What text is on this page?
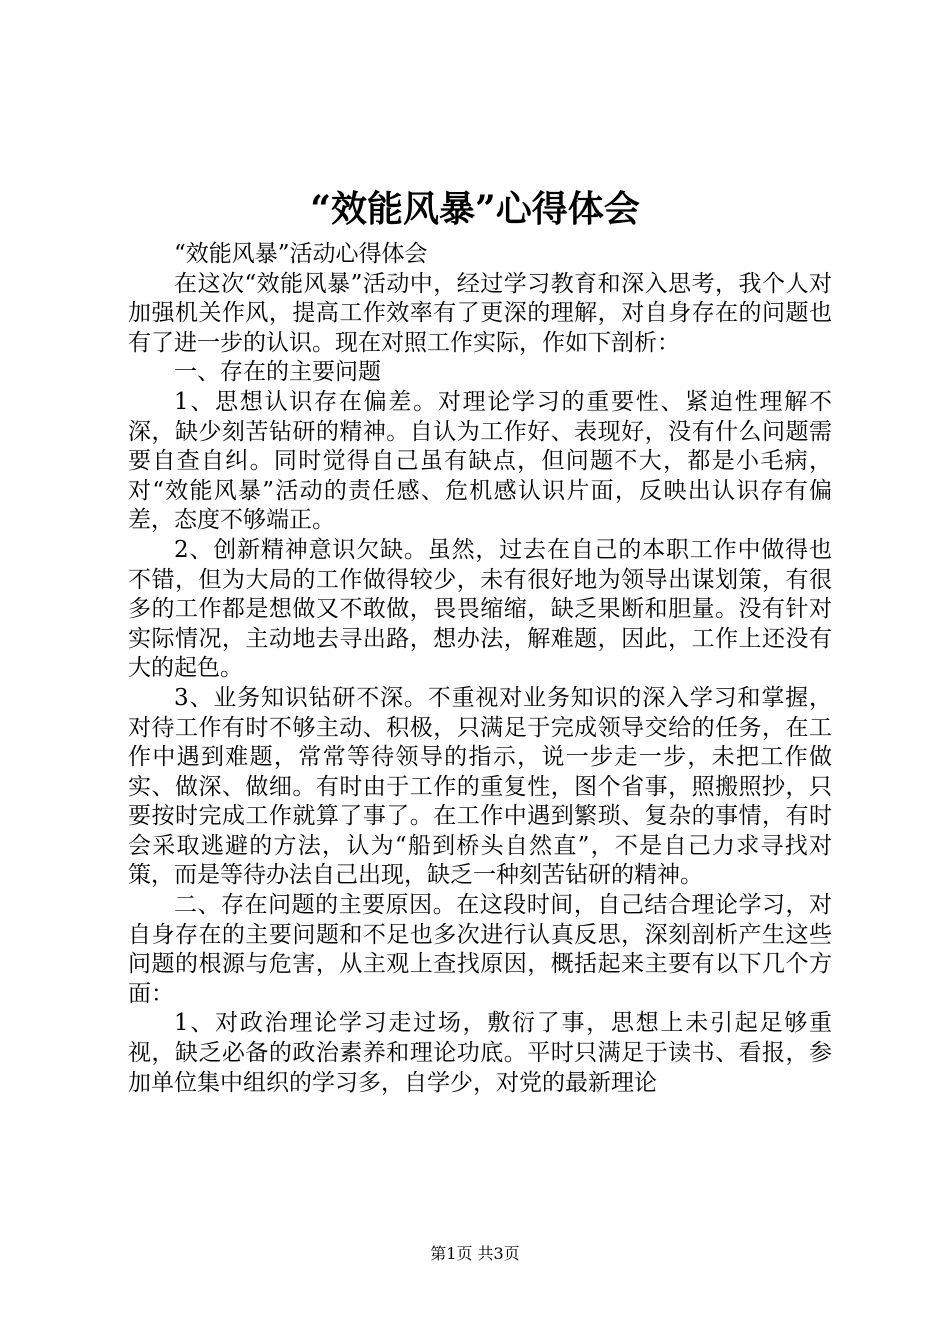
“效能风暴”心得体会

“效能风暴”活动心得体会

在这次“效能风暴”活动中，经过学习教育和深入思考，我个人对加强机关作风，提高工作效率有了更深的理解，对自身存在的问题也有了进一步的认识。现在对照工作实际，作如下剖析：

一、存在的主要问题

1、思想认识存在偏差。对理论学习的重要性、紧迫性理解不深，缺少刻苦钻研的精神。自认为工作好、表现好，没有什么问题需要自查自纠。同时觉得自己虽有缺点，但问题不大，都是小毛病，对“效能风暴”活动的责任感、危机感认识片面，反映出认识存有偏差，态度不够端正。

2、创新精神意识欠缺。虽然，过去在自己的本职工作中做得也不错，但为大局的工作做得较少，未有很好地为领导出谋划策，有很多的工作都是想做又不敢做，畏畏缩缩，缺乏果断和胆量。没有针对实际情况，主动地去寻出路，想办法，解难题，因此，工作上还没有大的起色。

3、业务知识钻研不深。不重视对业务知识的深入学习和掌握，对待工作有时不够主动、积极，只满足于完成领导交给的任务，在工作中遇到难题，常常等待领导的指示，说一步走一步，未把工作做实、做深、做细。有时由于工作的重复性，图个省事，照搬照抄，只要按时完成工作就算了事了。在工作中遇到繁琐、复杂的事情，有时会采取逃避的方法，认为“船到桥头自然直”，不是自己力求寻找对策，而是等待办法自己出现，缺乏一种刻苦钻研的精神。

二、存在问题的主要原因。在这段时间，自己结合理论学习，对自身存在的主要问题和不足也多次进行认真反思，深刻剖析产生这些问题的根源与危害，从主观上查找原因，概括起来主要有以下几个方面：

1、对政治理论学习走过场，敷衍了事，思想上未引起足够重视，缺乏必备的政治素养和理论功底。平时只满足于读书、看报，参加单位集中组织的学习多，自学少，对党的最新理论

第1页 共3页
